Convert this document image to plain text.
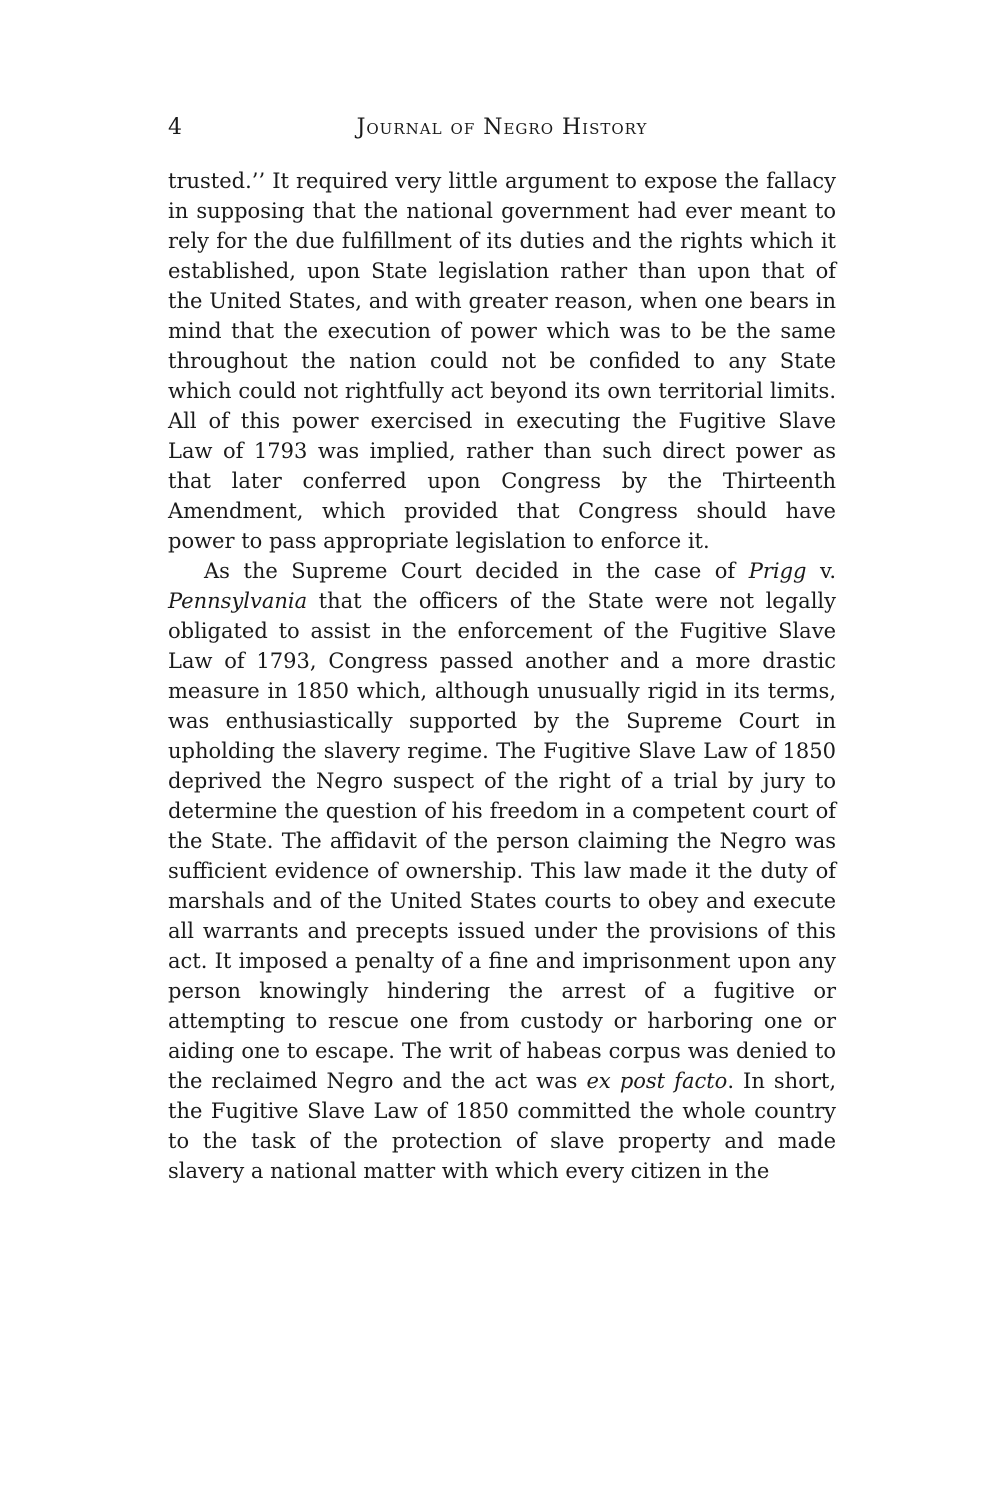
4	Journal of Negro History

trusted.’’ It required very little argument to expose the fallacy in supposing that the national government had ever meant to rely for the due fulfillment of its duties and the rights which it established, upon State legislation rather than upon that of the United States, and with greater reason, when one bears in mind that the execution of power which was to be the same throughout the nation could not be confided to any State which could not rightfully act beyond its own territorial limits. All of this power exercised in executing the Fugitive Slave Law of 1793 was implied, rather than such direct power as that later conferred upon Congress by the Thirteenth Amendment, which provided that Congress should have power to pass appropriate legislation to enforce it.

As the Supreme Court decided in the case of Prigg v. Pennsylvania that the officers of the State were not legally obligated to assist in the enforcement of the Fugitive Slave Law of 1793, Congress passed another and a more drastic measure in 1850 which, although unusually rigid in its terms, was enthusiastically supported by the Supreme Court in upholding the slavery regime. The Fugitive Slave Law of 1850 deprived the Negro suspect of the right of a trial by jury to determine the question of his freedom in a competent court of the State. The affidavit of the person claiming the Negro was sufficient evidence of ownership. This law made it the duty of marshals and of the United States courts to obey and execute all warrants and precepts issued under the provisions of this act. It imposed a penalty of a fine and imprisonment upon any person knowingly hindering the arrest of a fugitive or attempting to rescue one from custody or harboring one or aiding one to escape. The writ of habeas corpus was denied to the reclaimed Negro and the act was ex post facto. In short, the Fugitive Slave Law of 1850 committed the whole country to the task of the protection of slave property and made slavery a national matter with which every citizen in the
